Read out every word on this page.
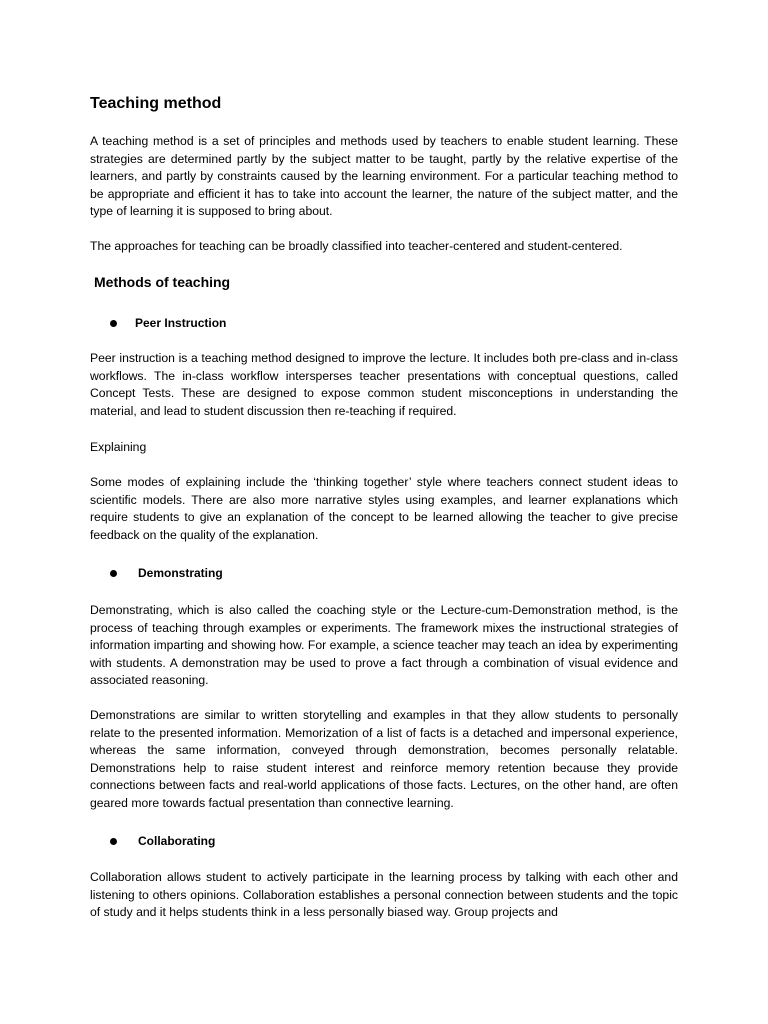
Teaching method

A teaching method is a set of principles and methods used by teachers to enable student learning. These strategies are determined partly by the subject matter to be taught, partly by the relative expertise of the learners, and partly by constraints caused by the learning environment. For a particular teaching method to be appropriate and efficient it has to take into account the learner, the nature of the subject matter, and the type of learning it is supposed to bring about.

The approaches for teaching can be broadly classified into teacher-centered and student-centered.

Methods of teaching
Peer Instruction

Peer instruction is a teaching method designed to improve the lecture. It includes both pre-class and in-class workflows. The in-class workflow intersperses teacher presentations with conceptual questions, called Concept Tests. These are designed to expose common student misconceptions in understanding the material, and lead to student discussion then re-teaching if required.

Explaining

Some modes of explaining include the ‘thinking together’ style where teachers connect student ideas to scientific models. There are also more narrative styles using examples, and learner explanations which require students to give an explanation of the concept to be learned allowing the teacher to give precise feedback on the quality of the explanation.

Demonstrating

Demonstrating, which is also called the coaching style or the Lecture-cum-Demonstration method, is the process of teaching through examples or experiments. The framework mixes the instructional strategies of information imparting and showing how. For example, a science teacher may teach an idea by experimenting with students. A demonstration may be used to prove a fact through a combination of visual evidence and associated reasoning.

Demonstrations are similar to written storytelling and examples in that they allow students to personally relate to the presented information. Memorization of a list of facts is a detached and impersonal experience, whereas the same information, conveyed through demonstration, becomes personally relatable. Demonstrations help to raise student interest and reinforce memory retention because they provide connections between facts and real-world applications of those facts. Lectures, on the other hand, are often geared more towards factual presentation than connective learning.

Collaborating

Collaboration allows student to actively participate in the learning process by talking with each other and listening to others opinions. Collaboration establishes a personal connection between students and the topic of study and it helps students think in a less personally biased way. Group projects and
